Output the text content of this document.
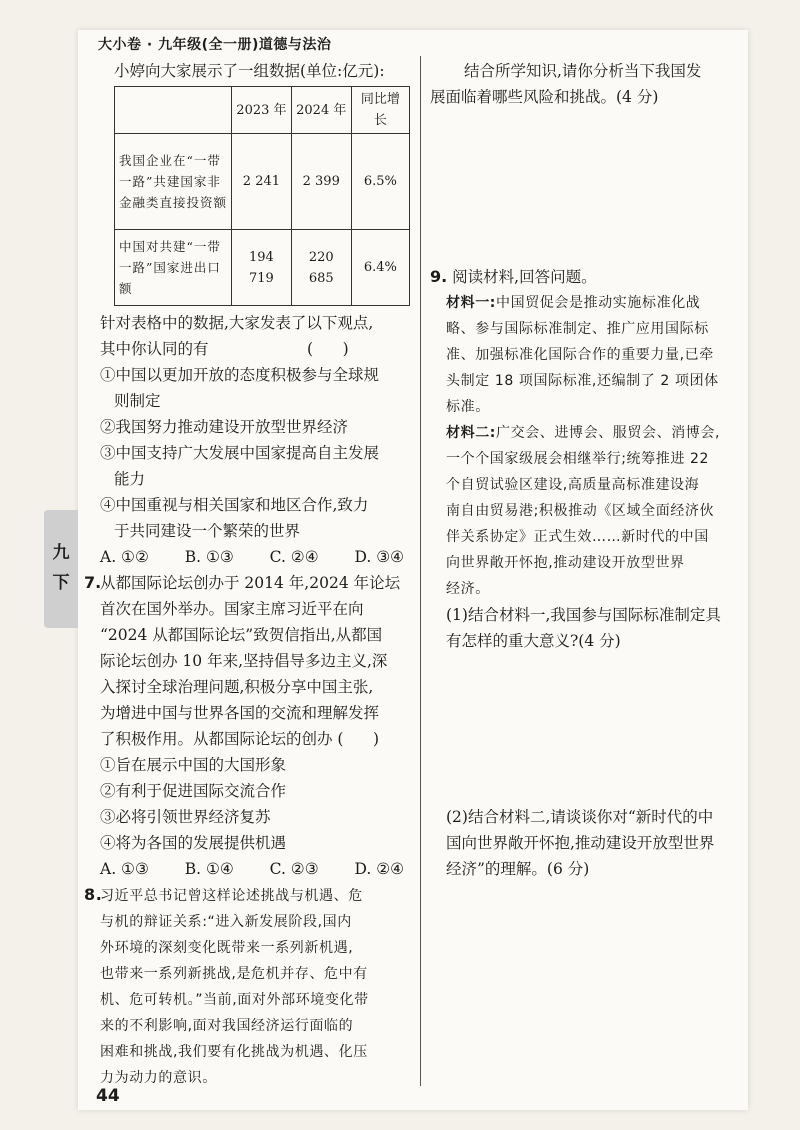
大小卷 · 九年级(全一册)道德与法治
九
下
小婷向大家展示了一组数据(单位:亿元):
	2023 年	2024 年	同比增长
我国企业在“一带一路”共建国家非金融类直接投资额	2 241	2 399	6.5%
中国对共建“一带一路”国家进出口额	194 719	220 685	6.4%
针对表格中的数据,大家发表了以下观点,
其中你认同的有                    (      )
①中国以更加开放的态度积极参与全球规
则制定
②我国努力推动建设开放型世界经济
③中国支持广大发展中国家提高自主发展
能力
④中国重视与相关国家和地区合作,致力
于共同建设一个繁荣的世界
A. ①② B. ①③ C. ②④ D. ③④
7.从都国际论坛创办于 2014 年,2024 年论坛
首次在国外举办。国家主席习近平在向
“2024 从都国际论坛”致贺信指出,从都国
际论坛创办 10 年来,坚持倡导多边主义,深
入探讨全球治理问题,积极分享中国主张,
为增进中国与世界各国的交流和理解发挥
了积极作用。从都国际论坛的创办 (      )
①旨在展示中国的大国形象
②有利于促进国际交流合作
③必将引领世界经济复苏
④将为各国的发展提供机遇
A. ①③ B. ①④ C. ②③ D. ②④
8.习近平总书记曾这样论述挑战与机遇、危
与机的辩证关系:“进入新发展阶段,国内
外环境的深刻变化既带来一系列新机遇,
也带来一系列新挑战,是危机并存、危中有
机、危可转机。”当前,面对外部环境变化带
来的不利影响,面对我国经济运行面临的
困难和挑战,我们要有化挑战为机遇、化压
力为动力的意识。
结合所学知识,请你分析当下我国发
展面临着哪些风险和挑战。(4 分)
9. 阅读材料,回答问题。
材料一:中国贸促会是推动实施标准化战
略、参与国际标准制定、推广应用国际标
准、加强标准化国际合作的重要力量,已牵
头制定 18 项国际标准,还编制了 2 项团体
标准。
材料二:广交会、进博会、服贸会、消博会,
一个个国家级展会相继举行;统筹推进 22
个自贸试验区建设,高质量高标准建设海
南自由贸易港;积极推动《区域全面经济伙
伴关系协定》正式生效……新时代的中国
向世界敞开怀抱,推动建设开放型世界
经济。
(1)结合材料一,我国参与国际标准制定具
有怎样的重大意义?(4 分)
(2)结合材料二,请谈谈你对“新时代的中
国向世界敞开怀抱,推动建设开放型世界
经济”的理解。(6 分)
44
